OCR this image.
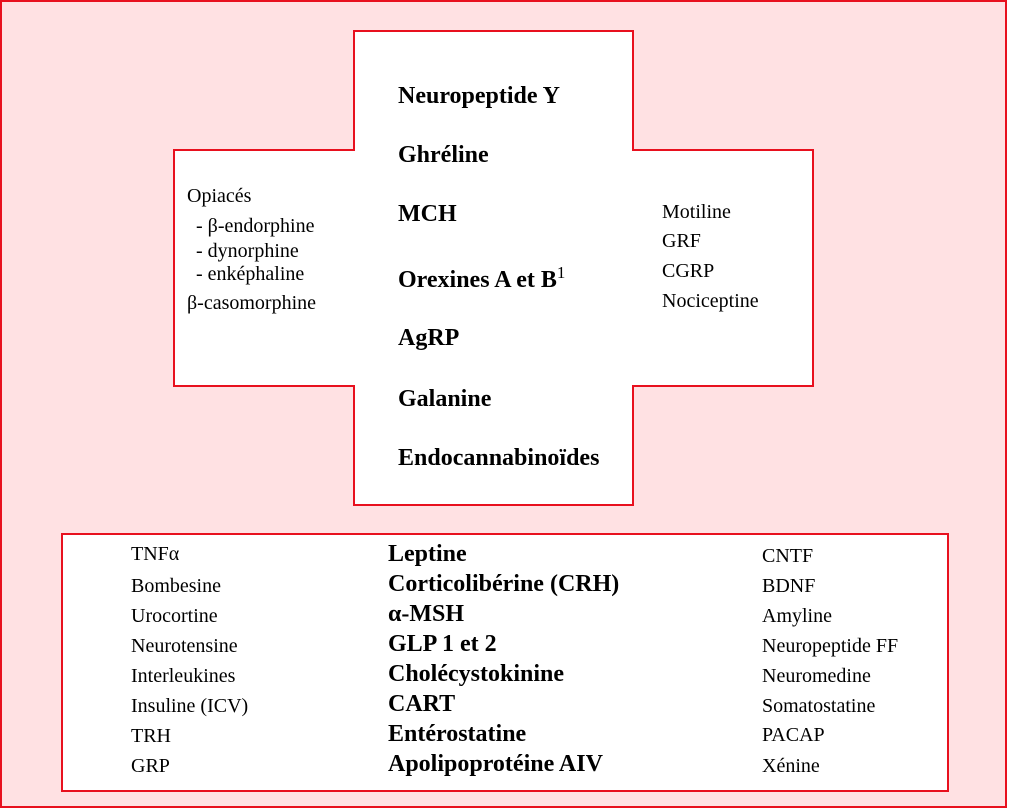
Neuropeptide Y
Ghréline
MCH
Orexines A et $B^1$
AgRP
Galanine
Endocannabinoïdes
Opiacés
- β-endorphine
- dynorphine
- enképhaline
β-casomorphine
Motiline
GRF
CGRP
Nociceptine
TNFα
Bombesine
Urocortine
Neurotensine
Interleukines
Insuline (ICV)
TRH
GRP
Leptine
Corticolibérine (CRH)
α-MSH
GLP 1 et 2
Cholécystokinine
CART
Entérostatine
Apolipoprotéine AIV
CNTF
BDNF
Amyline
Neuropeptide FF
Neuromedine
Somatostatine
PACAP
Xénine
